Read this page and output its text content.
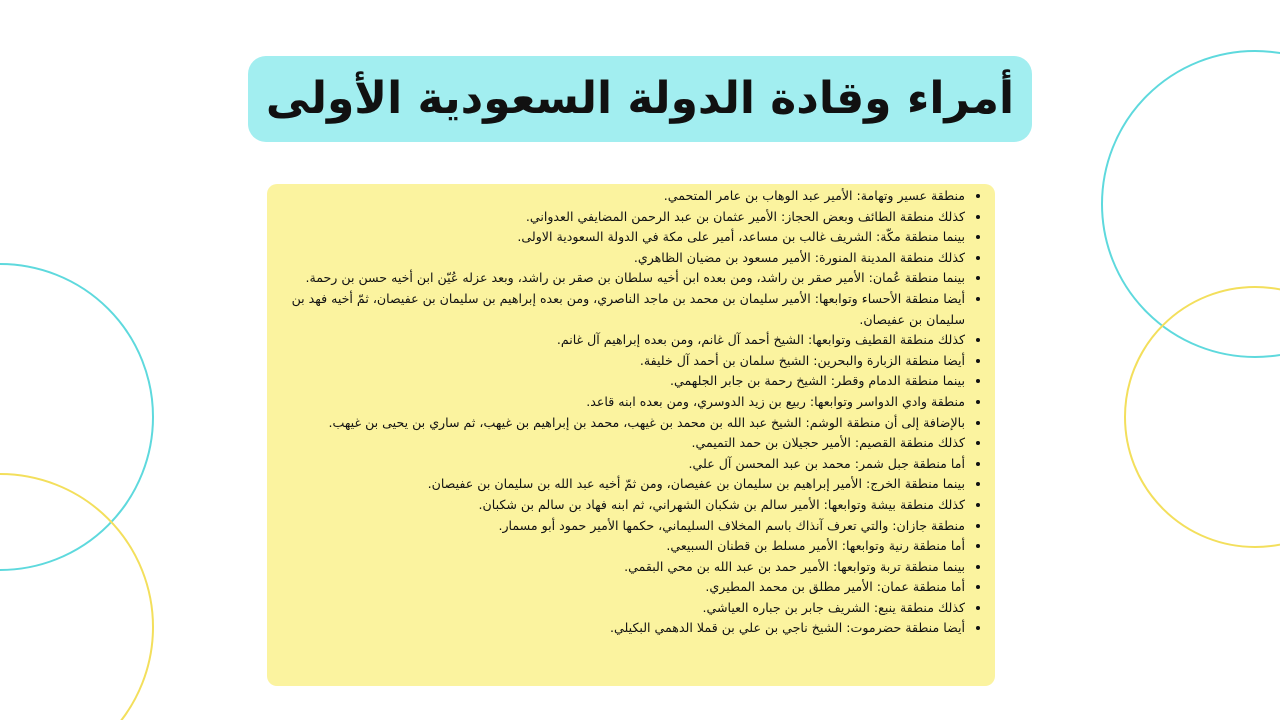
أمراء وقادة الدولة السعودية الأولى
• منطقة عسير وتهامة: الأمير عبد الوهاب بن عامر المتحمي.
• كذلك منطقة الطائف وبعض الحجاز: الأمير عثمان بن عبد الرحمن المضايفي العدواني.
• بينما منطقة مكّة: الشريف غالب بن مساعد، أمير على مكة في الدولة السعودية الاولى.
• كذلك منطقة المدينة المنورة: الأمير مسعود بن مضيان الظاهري.
• بينما منطقة عُمان: الأمير صقر بن راشد، ومن بعده ابن أخيه سلطان بن صقر بن راشد، وبعد عزله عُيّن ابن أخيه حسن بن رحمة.
• أيضا منطقة الأحساء وتوابعها: الأمير سليمان بن محمد بن ماجد الناصري، ومن بعده إبراهيم بن سليمان بن عفيصان، ثمّ أخيه فهد بن سليمان بن عفيصان.
• كذلك منطقة القطيف وتوابعها: الشيخ أحمد آل غانم، ومن بعده إبراهيم آل غانم.
• أيضا منطقة الزبارة والبحرين: الشيخ سلمان بن أحمد آل خليفة.
• بينما منطقة الدمام وقطر: الشيخ رحمة بن جابر الجلهمي.
• منطقة وادي الدواسر وتوابعها: ربيع بن زيد الدوسري، ومن بعده ابنه قاعد.
• بالإضافة إلى أن منطقة الوشم: الشيخ عبد الله بن محمد بن غيهب، محمد بن إبراهيم بن غيهب، ثم ساري بن يحيى بن غيهب.
• كذلك منطقة القصيم: الأمير حجيلان بن حمد التميمي.
• أما منطقة جبل شمر: محمد بن عبد المحسن آل علي.
• بينما منطقة الخرج: الأمير إبراهيم بن سليمان بن عفيصان، ومن ثمّ أخيه عبد الله بن سليمان بن عفيصان.
• كذلك منطقة بيشة وتوابعها: الأمير سالم بن شكبان الشهراني، ثم ابنه فهاد بن سالم بن شكبان.
• منطقة جازان: والتي تعرف آنذاك باسم المخلاف السليماني، حكمها الأمير حمود أبو مسمار.
• أما منطقة رنية وتوابعها: الأمير مسلط بن قطنان السبيعي.
• بينما منطقة تربة وتوابعها: الأمير حمد بن عبد الله بن محي البقمي.
• أما منطقة عمان: الأمير مطلق بن محمد المطيري.
• كذلك منطقة ينبع: الشريف جابر بن جباره العياشي.
• أيضا منطقة حضرموت: الشيخ ناجي بن علي بن قملا الدهمي البكيلي.
